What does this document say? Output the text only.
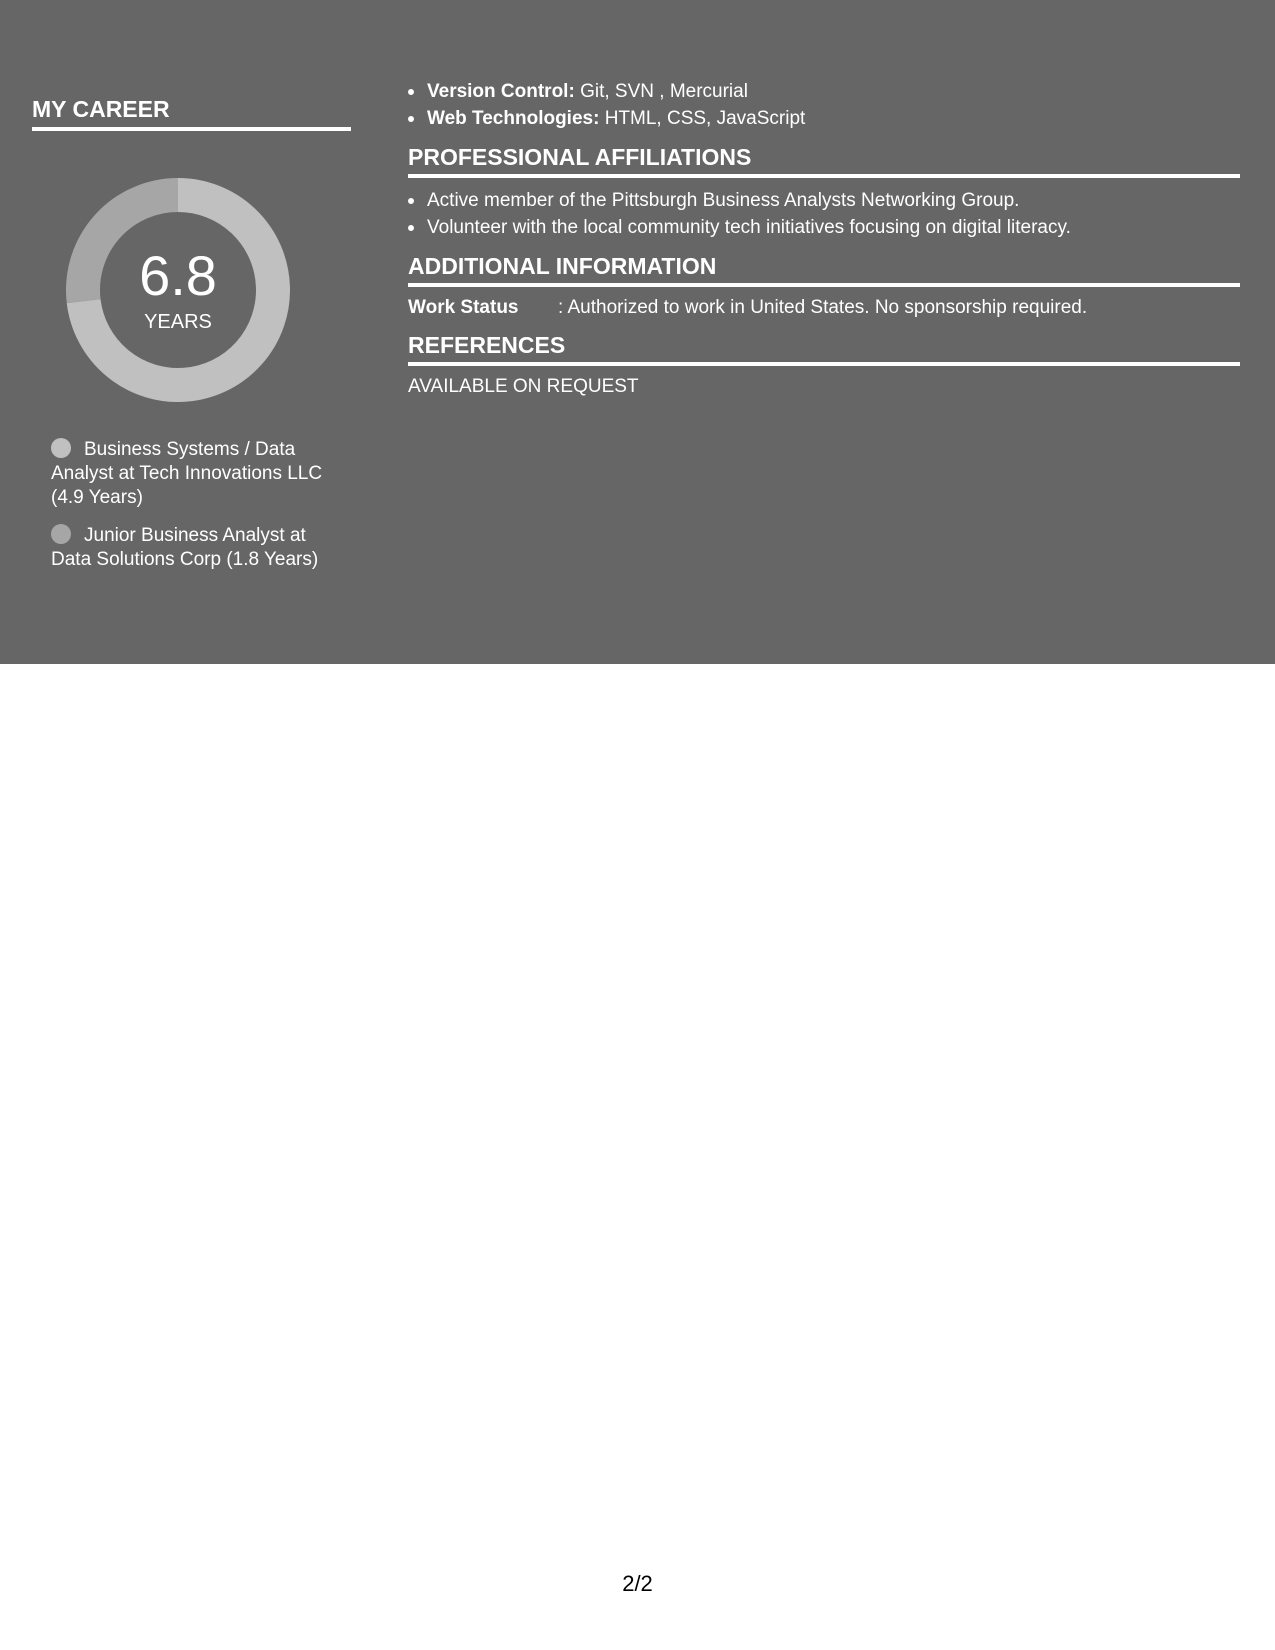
MY CAREER
6.8
YEARS
Business Systems / Data Analyst at Tech Innovations LLC (4.9 Years)
Junior Business Analyst at Data Solutions Corp (1.8 Years)
Version Control: Git, SVN , Mercurial
Web Technologies: HTML, CSS, JavaScript
PROFESSIONAL AFFILIATIONS
Active member of the Pittsburgh Business Analysts Networking Group.
Volunteer with the local community tech initiatives focusing on digital literacy.
ADDITIONAL INFORMATION
Work Status	: Authorized to work in United States. No sponsorship required.
REFERENCES
AVAILABLE ON REQUEST
2/2
